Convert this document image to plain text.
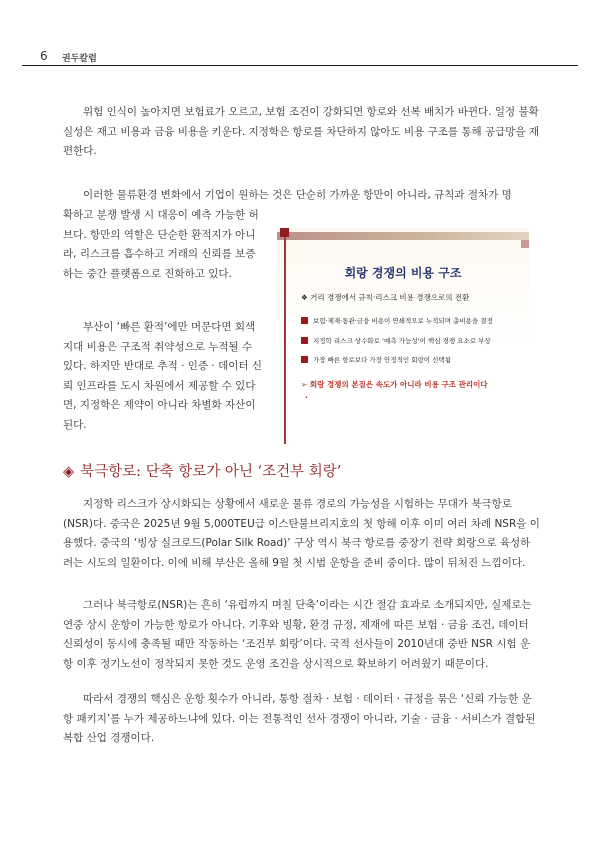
6 권두칼럼

위험 인식이 높아지면 보험료가 오르고, 보험 조건이 강화되면 항로와 선복 배치가 바뀐다. 일정 불확실성은 재고 비용과 금융 비용을 키운다. 지정학은 항로를 차단하지 않아도 비용 구조를 통해 공급망을 재편한다.

이러한 물류환경 변화에서 기업이 원하는 것은 단순히 가까운 항만이 아니라, 규칙과 절차가 명

확하고 분쟁 발생 시 대응이 예측 가능한 허브다. 항만의 역할은 단순한 환적지가 아니라, 리스크를 흡수하고 거래의 신뢰를 보증하는 중간 플랫폼으로 진화하고 있다.

부산이 ‘빠른 환적’에만 머문다면 회색지대 비용은 구조적 취약성으로 누적될 수 있다. 하지만 반대로 추적 · 인증 · 데이터 신뢰 인프라를 도시 차원에서 제공할 수 있다면, 지정학은 제약이 아니라 차별화 자산이 된다.

회랑 경쟁의 비용 구조
❖ 거리 경쟁에서 규칙·리스크 비용 경쟁으로의 전환
보험·제재·통관·금융 비용이 연쇄적으로 누적되며 총비용을 결정
지정학 리스크 상수화로 ‘예측 가능성’이 핵심 경쟁 요소로 부상
가장 빠른 항로보다 가장 안정적인 회랑이 선택됨
➢ 회랑 경쟁의 본질은 속도가 아니라 비용 구조 관리이다
·
◈ 북극항로: 단축 항로가 아닌 ‘조건부 회랑’

지정학 리스크가 상시화되는 상황에서 새로운 물류 경로의 가능성을 시험하는 무대가 북극항로(NSR)다. 중국은 2025년 9월 5,000TEU급 이스탄불브리지호의 첫 항해 이후 이미 여러 차례 NSR을 이용했다. 중국의 ‘빙상 실크로드(Polar Silk Road)’ 구상 역시 북극 항로를 중장기 전략 회랑으로 육성하려는 시도의 일환이다. 이에 비해 부산은 올해 9월 첫 시범 운항을 준비 중이다. 많이 뒤처진 느낌이다.

그러나 북극항로(NSR)는 흔히 ‘유럽까지 며칠 단축’이라는 시간 절감 효과로 소개되지만, 실제로는 연중 상시 운항이 가능한 항로가 아니다. 기후와 빙황, 환경 규정, 제재에 따른 보험 · 금융 조건, 데이터 신뢰성이 동시에 충족될 때만 작동하는 ‘조건부 회랑’이다. 국적 선사들이 2010년대 중반 NSR 시험 운항 이후 정기노선이 정착되지 못한 것도 운영 조건을 상시적으로 확보하기 어려웠기 때문이다.

따라서 경쟁의 핵심은 운항 횟수가 아니라, 통항 절차 · 보험 · 데이터 · 규정을 묶은 ‘신뢰 가능한 운항 패키지’를 누가 제공하느냐에 있다. 이는 전통적인 선사 경쟁이 아니라, 기술 · 금융 · 서비스가 결합된 복합 산업 경쟁이다.
